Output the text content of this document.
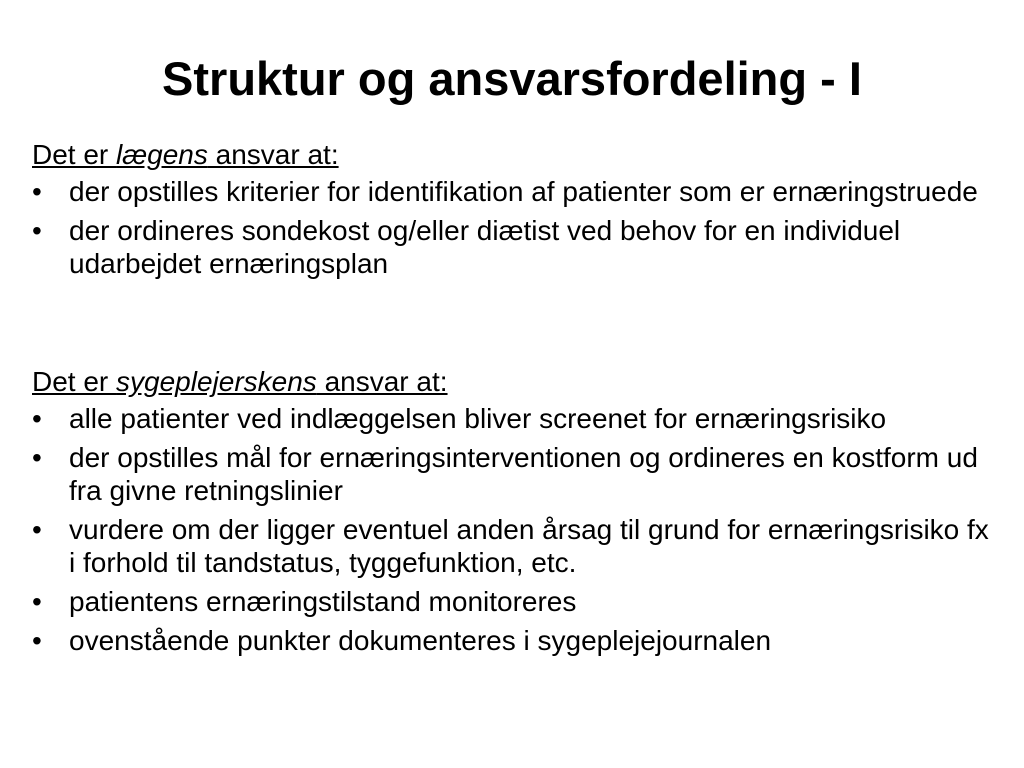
Struktur og ansvarsfordeling - I

Det er lægens ansvar at:

• der opstilles kriterier for identifikation af patienter som er ernæringstruede
• der ordineres sondekost og/eller diætist ved behov for en individuel udarbejdet ernæringsplan

Det er sygeplejerskens ansvar at:

• alle patienter ved indlæggelsen bliver screenet for ernæringsrisiko
• der opstilles mål for ernæringsinterventionen og ordineres en kostform ud fra givne retningslinier
• vurdere om der ligger eventuel anden årsag til grund for ernæringsrisiko fx i forhold til tandstatus, tyggefunktion, etc.
• patientens ernæringstilstand monitoreres
• ovenstående punkter dokumenteres i sygeplejejournalen
